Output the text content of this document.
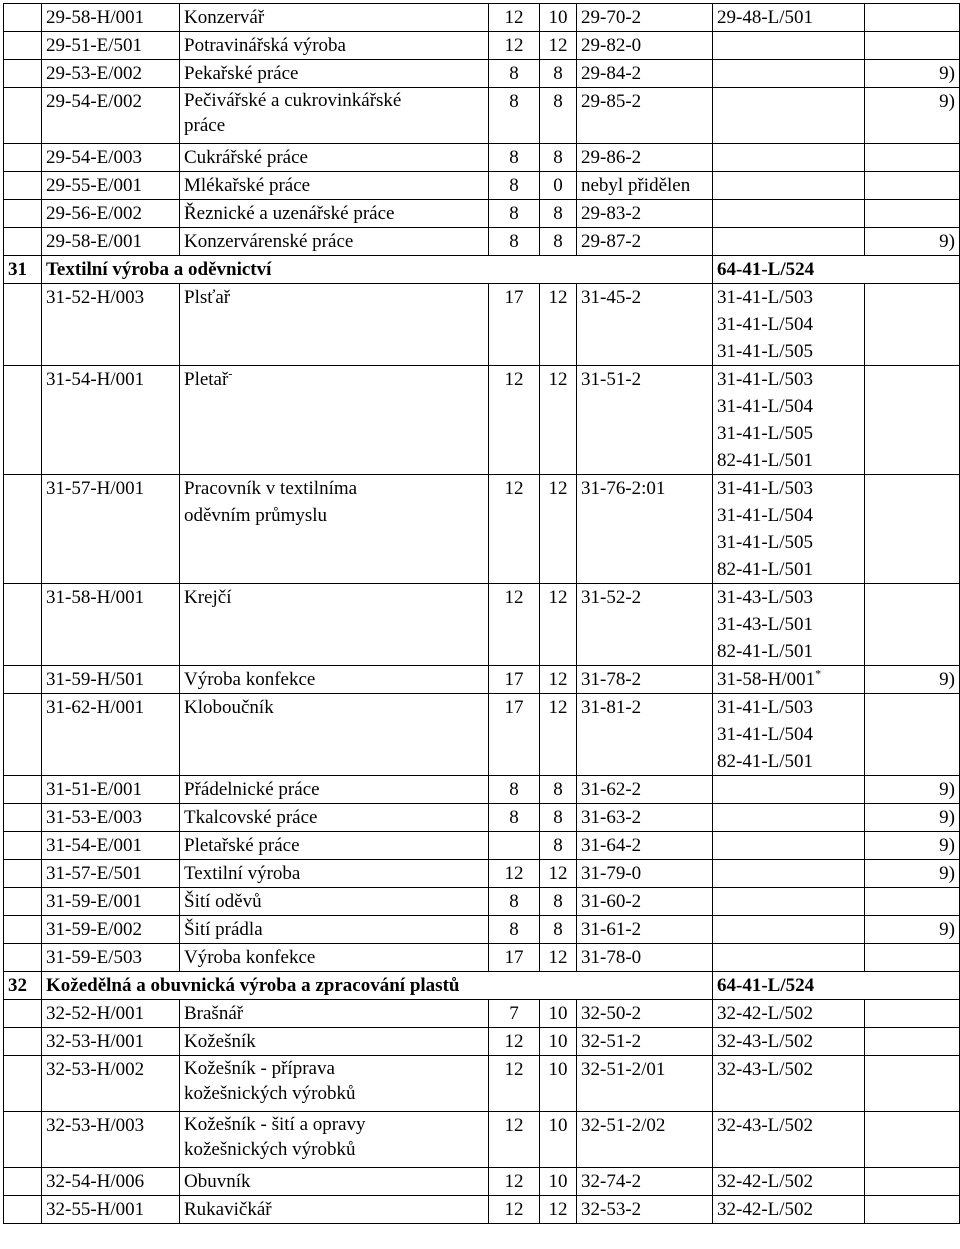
	29-58-H/001	Konzervář	12	10	29-70-2	29-48-L/501	

	29-51-E/501	Potravinářská výroba	12	12	29-82-0		
	29-53-E/002	Pekařské práce	8	8	29-84-2		9)
	29-54-E/002	Pečivářské a cukrovinkářské
práce	8	8	29-85-2		9)
	29-54-E/003	Cukrářské práce	8	8	29-86-2		
	29-55-E/001	Mlékařské práce	8	0	nebyl přidělen		
	29-56-E/002	Řeznické a uzenářské práce	8	8	29-83-2		
	29-58-E/001	Konzervárenské práce	8	8	29-87-2		9)
31	Textilní výroba a oděvnictví					64-41-L/524	
	31-52-H/003	Plsťař	17	12	31-45-2	31-41-L/503
31-41-L/504
31-41-L/505	

	31-54-H/001	Pletař-	12	12	31-51-2	31-41-L/503
31-41-L/504
31-41-L/505
82-41-L/501	

	31-57-H/001	Pracovník v textilníma
oděvním průmyslu	12	12	31-76-2:01	31-41-L/503
31-41-L/504
31-41-L/505
82-41-L/501	

	31-58-H/001	Krejčí	12	12	31-52-2	31-43-L/503
31-43-L/501
82-41-L/501	

	31-59-H/501	Výroba konfekce	17	12	31-78-2	31-58-H/001*	9)
	31-62-H/001	Kloboučník	17	12	31-81-2	31-41-L/503
31-41-L/504
82-41-L/501	

	31-51-E/001	Přádelnické práce	8	8	31-62-2		9)
	31-53-E/003	Tkalcovské práce	8	8	31-63-2		9)
	31-54-E/001	Pletařské práce		8	31-64-2		9)
	31-57-E/501	Textilní výroba	12	12	31-79-0		9)
	31-59-E/001	Šití oděvů	8	8	31-60-2		
	31-59-E/002	Šití prádla	8	8	31-61-2		9)
	31-59-E/503	Výroba konfekce	17	12	31-78-0		
32	Kožedělná a obuvnická výroba a zpracování plastů					64-41-L/524	
	32-52-H/001	Brašnář	7	10	32-50-2	32-42-L/502	

	32-53-H/001	Kožešník	12	10	32-51-2	32-43-L/502	

	32-53-H/002	Kožešník - příprava
kožešnických výrobků	12	10	32-51-2/01	32-43-L/502	

	32-53-H/003	Kožešník - šití a opravy
kožešnických výrobků	12	10	32-51-2/02	32-43-L/502	

	32-54-H/006	Obuvník	12	10	32-74-2	32-42-L/502	

	32-55-H/001	Rukavičkář	12	12	32-53-2	32-42-L/502	
